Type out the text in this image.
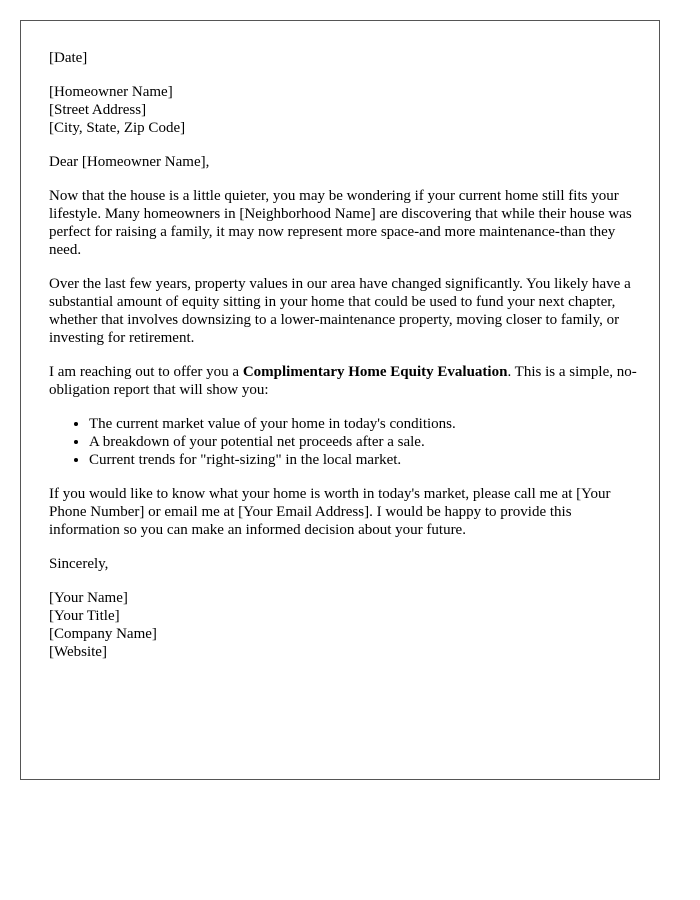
[Date]

[Homeowner Name]
[Street Address]
[City, State, Zip Code]

Dear [Homeowner Name],

Now that the house is a little quieter, you may be wondering if your current home still fits your lifestyle. Many homeowners in [Neighborhood Name] are discovering that while their house was perfect for raising a family, it may now represent more space-and more maintenance-than they need.

Over the last few years, property values in our area have changed significantly. You likely have a substantial amount of equity sitting in your home that could be used to fund your next chapter, whether that involves downsizing to a lower-maintenance property, moving closer to family, or investing for retirement.

I am reaching out to offer you a Complimentary Home Equity Evaluation. This is a simple, no-obligation report that will show you:

• The current market value of your home in today's conditions.
• A breakdown of your potential net proceeds after a sale.
• Current trends for "right-sizing" in the local market.

If you would like to know what your home is worth in today's market, please call me at [Your Phone Number] or email me at [Your Email Address]. I would be happy to provide this information so you can make an informed decision about your future.

Sincerely,

[Your Name]
[Your Title]
[Company Name]
[Website]
